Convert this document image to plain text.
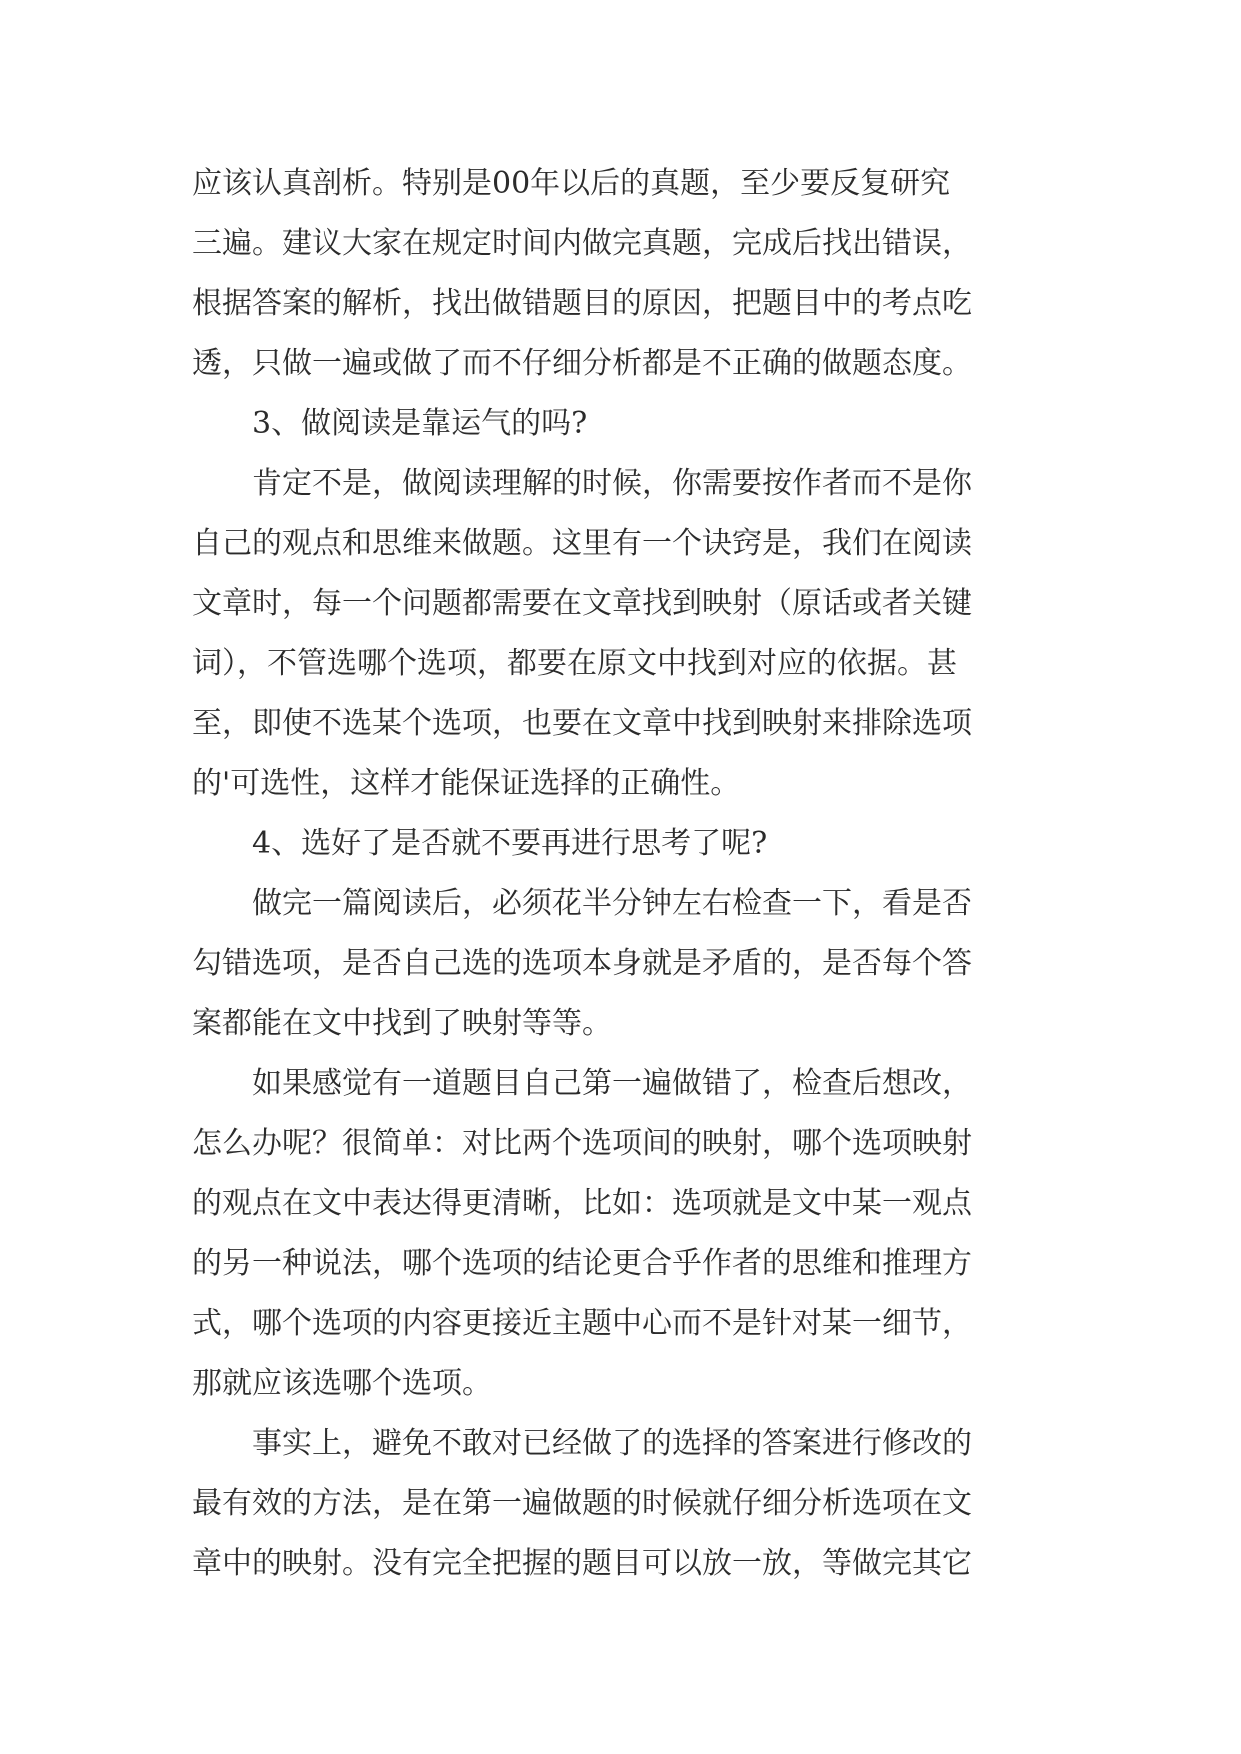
应该认真剖析。特别是00年以后的真题，至少要反复研究
三遍。建议大家在规定时间内做完真题，完成后找出错误，
根据答案的解析，找出做错题目的原因，把题目中的考点吃
透，只做一遍或做了而不仔细分析都是不正确的做题态度。
3、做阅读是靠运气的吗?
肯定不是，做阅读理解的时候，你需要按作者而不是你
自己的观点和思维来做题。这里有一个诀窍是，我们在阅读
文章时，每一个问题都需要在文章找到映射（原话或者关键
词），不管选哪个选项，都要在原文中找到对应的依据。甚
至，即使不选某个选项，也要在文章中找到映射来排除选项
的'可选性，这样才能保证选择的正确性。
4、选好了是否就不要再进行思考了呢?
做完一篇阅读后，必须花半分钟左右检查一下，看是否
勾错选项，是否自己选的选项本身就是矛盾的，是否每个答
案都能在文中找到了映射等等。
如果感觉有一道题目自己第一遍做错了，检查后想改，
怎么办呢？很简单：对比两个选项间的映射，哪个选项映射
的观点在文中表达得更清晰，比如：选项就是文中某一观点
的另一种说法，哪个选项的结论更合乎作者的思维和推理方
式，哪个选项的内容更接近主题中心而不是针对某一细节，
那就应该选哪个选项。
事实上，避免不敢对已经做了的选择的答案进行修改的
最有效的方法，是在第一遍做题的时候就仔细分析选项在文
章中的映射。没有完全把握的题目可以放一放，等做完其它
